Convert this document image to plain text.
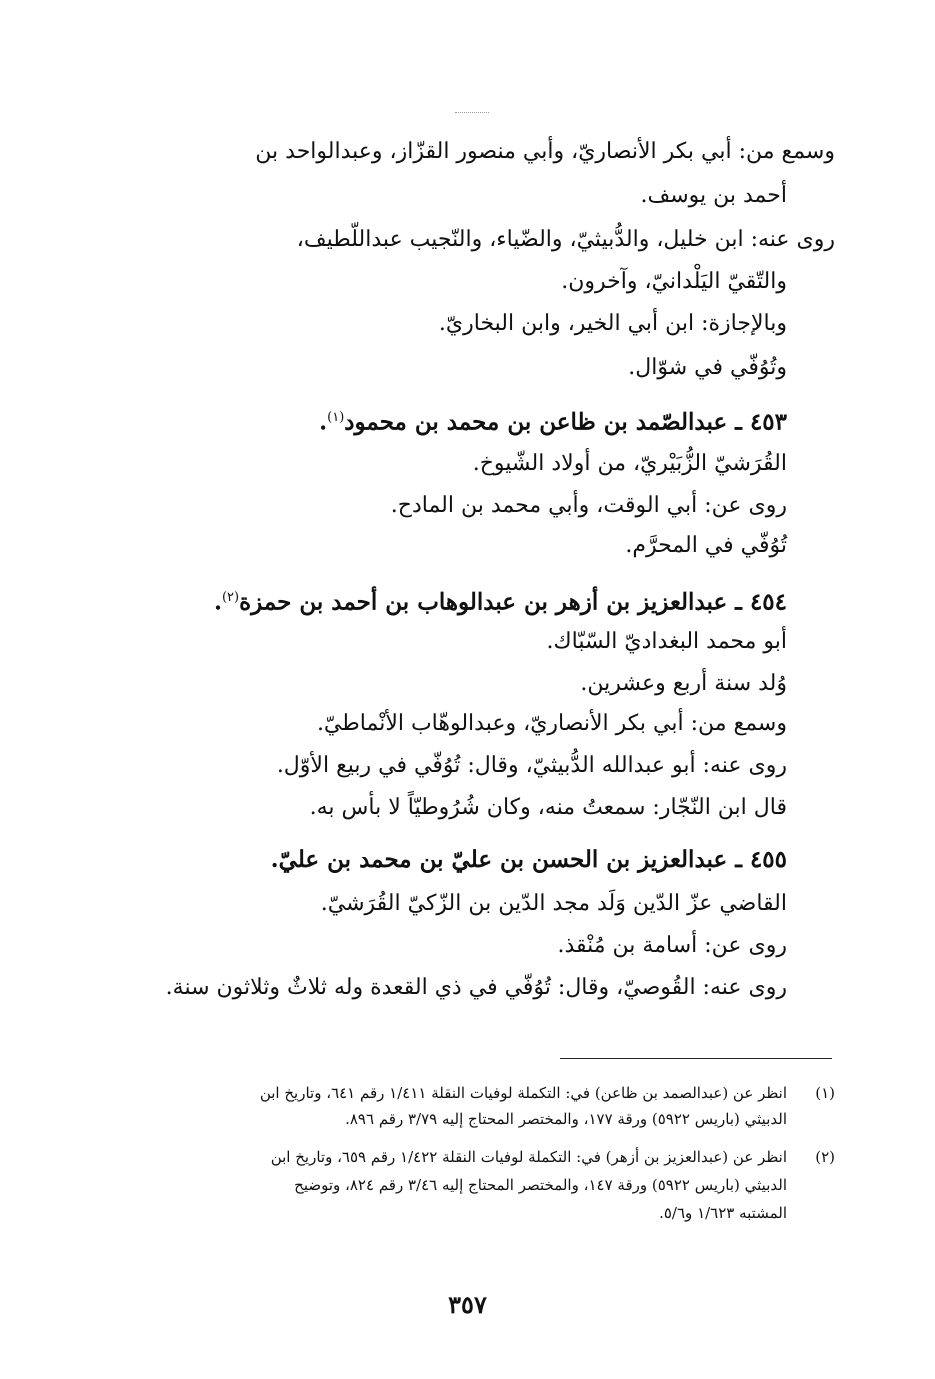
وسمع من: أبي بكر الأنصاريّ، وأبي منصور القزّاز، وعبدالواحد بن
أحمد بن يوسف.
روى عنه: ابن خليل، والدُّبيثيّ، والضّياء، والنّجيب عبداللّطيف،
والتّقيّ اليَلْدانيّ، وآخرون.
وبالإجازة: ابن أبي الخير، وابن البخاريّ.
وتُوُفّي في شوّال.
٤٥٣ ـ عبدالصّمد بن ظاعن بن محمد بن محمود$^{(١)}$.
القُرَشيّ الزُّبَيْريّ، من أولاد الشّيوخ.
روى عن: أبي الوقت، وأبي محمد بن المادح.
تُوُفّي في المحرَّم.
٤٥٤ ـ عبدالعزيز بن أزهر بن عبدالوهاب بن أحمد بن حمزة$^{(٢)}$.
أبو محمد البغداديّ السّبّاك.
وُلد سنة أربع وعشرين.
وسمع من: أبي بكر الأنصاريّ، وعبدالوهّاب الأنْماطيّ.
روى عنه: أبو عبدالله الدُّبيثيّ، وقال: تُوُفّي في ربيع الأوّل.
قال ابن النّجّار: سمعتُ منه، وكان شُرُوطيّاً لا بأس به.
٤٥٥ ـ عبدالعزيز بن الحسن بن عليّ بن محمد بن عليّ.
القاضي عزّ الدّين وَلَد مجد الدّين بن الزّكيّ القُرَشيّ.
روى عن: أسامة بن مُنْقذ.
روى عنه: القُوصيّ، وقال: تُوُفّي في ذي القعدة وله ثلاثٌ وثلاثون سنة.
(١)
انظر عن (عبدالصمد بن ظاعن) في: التكملة لوفيات النقلة ١/٤١١ رقم ٦٤١، وتاريخ ابن
الدبيثي (باريس ٥٩٢٢) ورقة ١٧٧، والمختصر المحتاج إليه ٣/٧٩ رقم ٨٩٦.
(٢)
انظر عن (عبدالعزيز بن أزهر) في: التكملة لوفيات النقلة ١/٤٢٢ رقم ٦٥٩، وتاريخ ابن
الدبيثي (باريس ٥٩٢٢) ورقة ١٤٧، والمختصر المحتاج إليه ٣/٤٦ رقم ٨٢٤، وتوضيح
المشتبه ١/٦٢٣ و٥/٦.
٣٥٧
